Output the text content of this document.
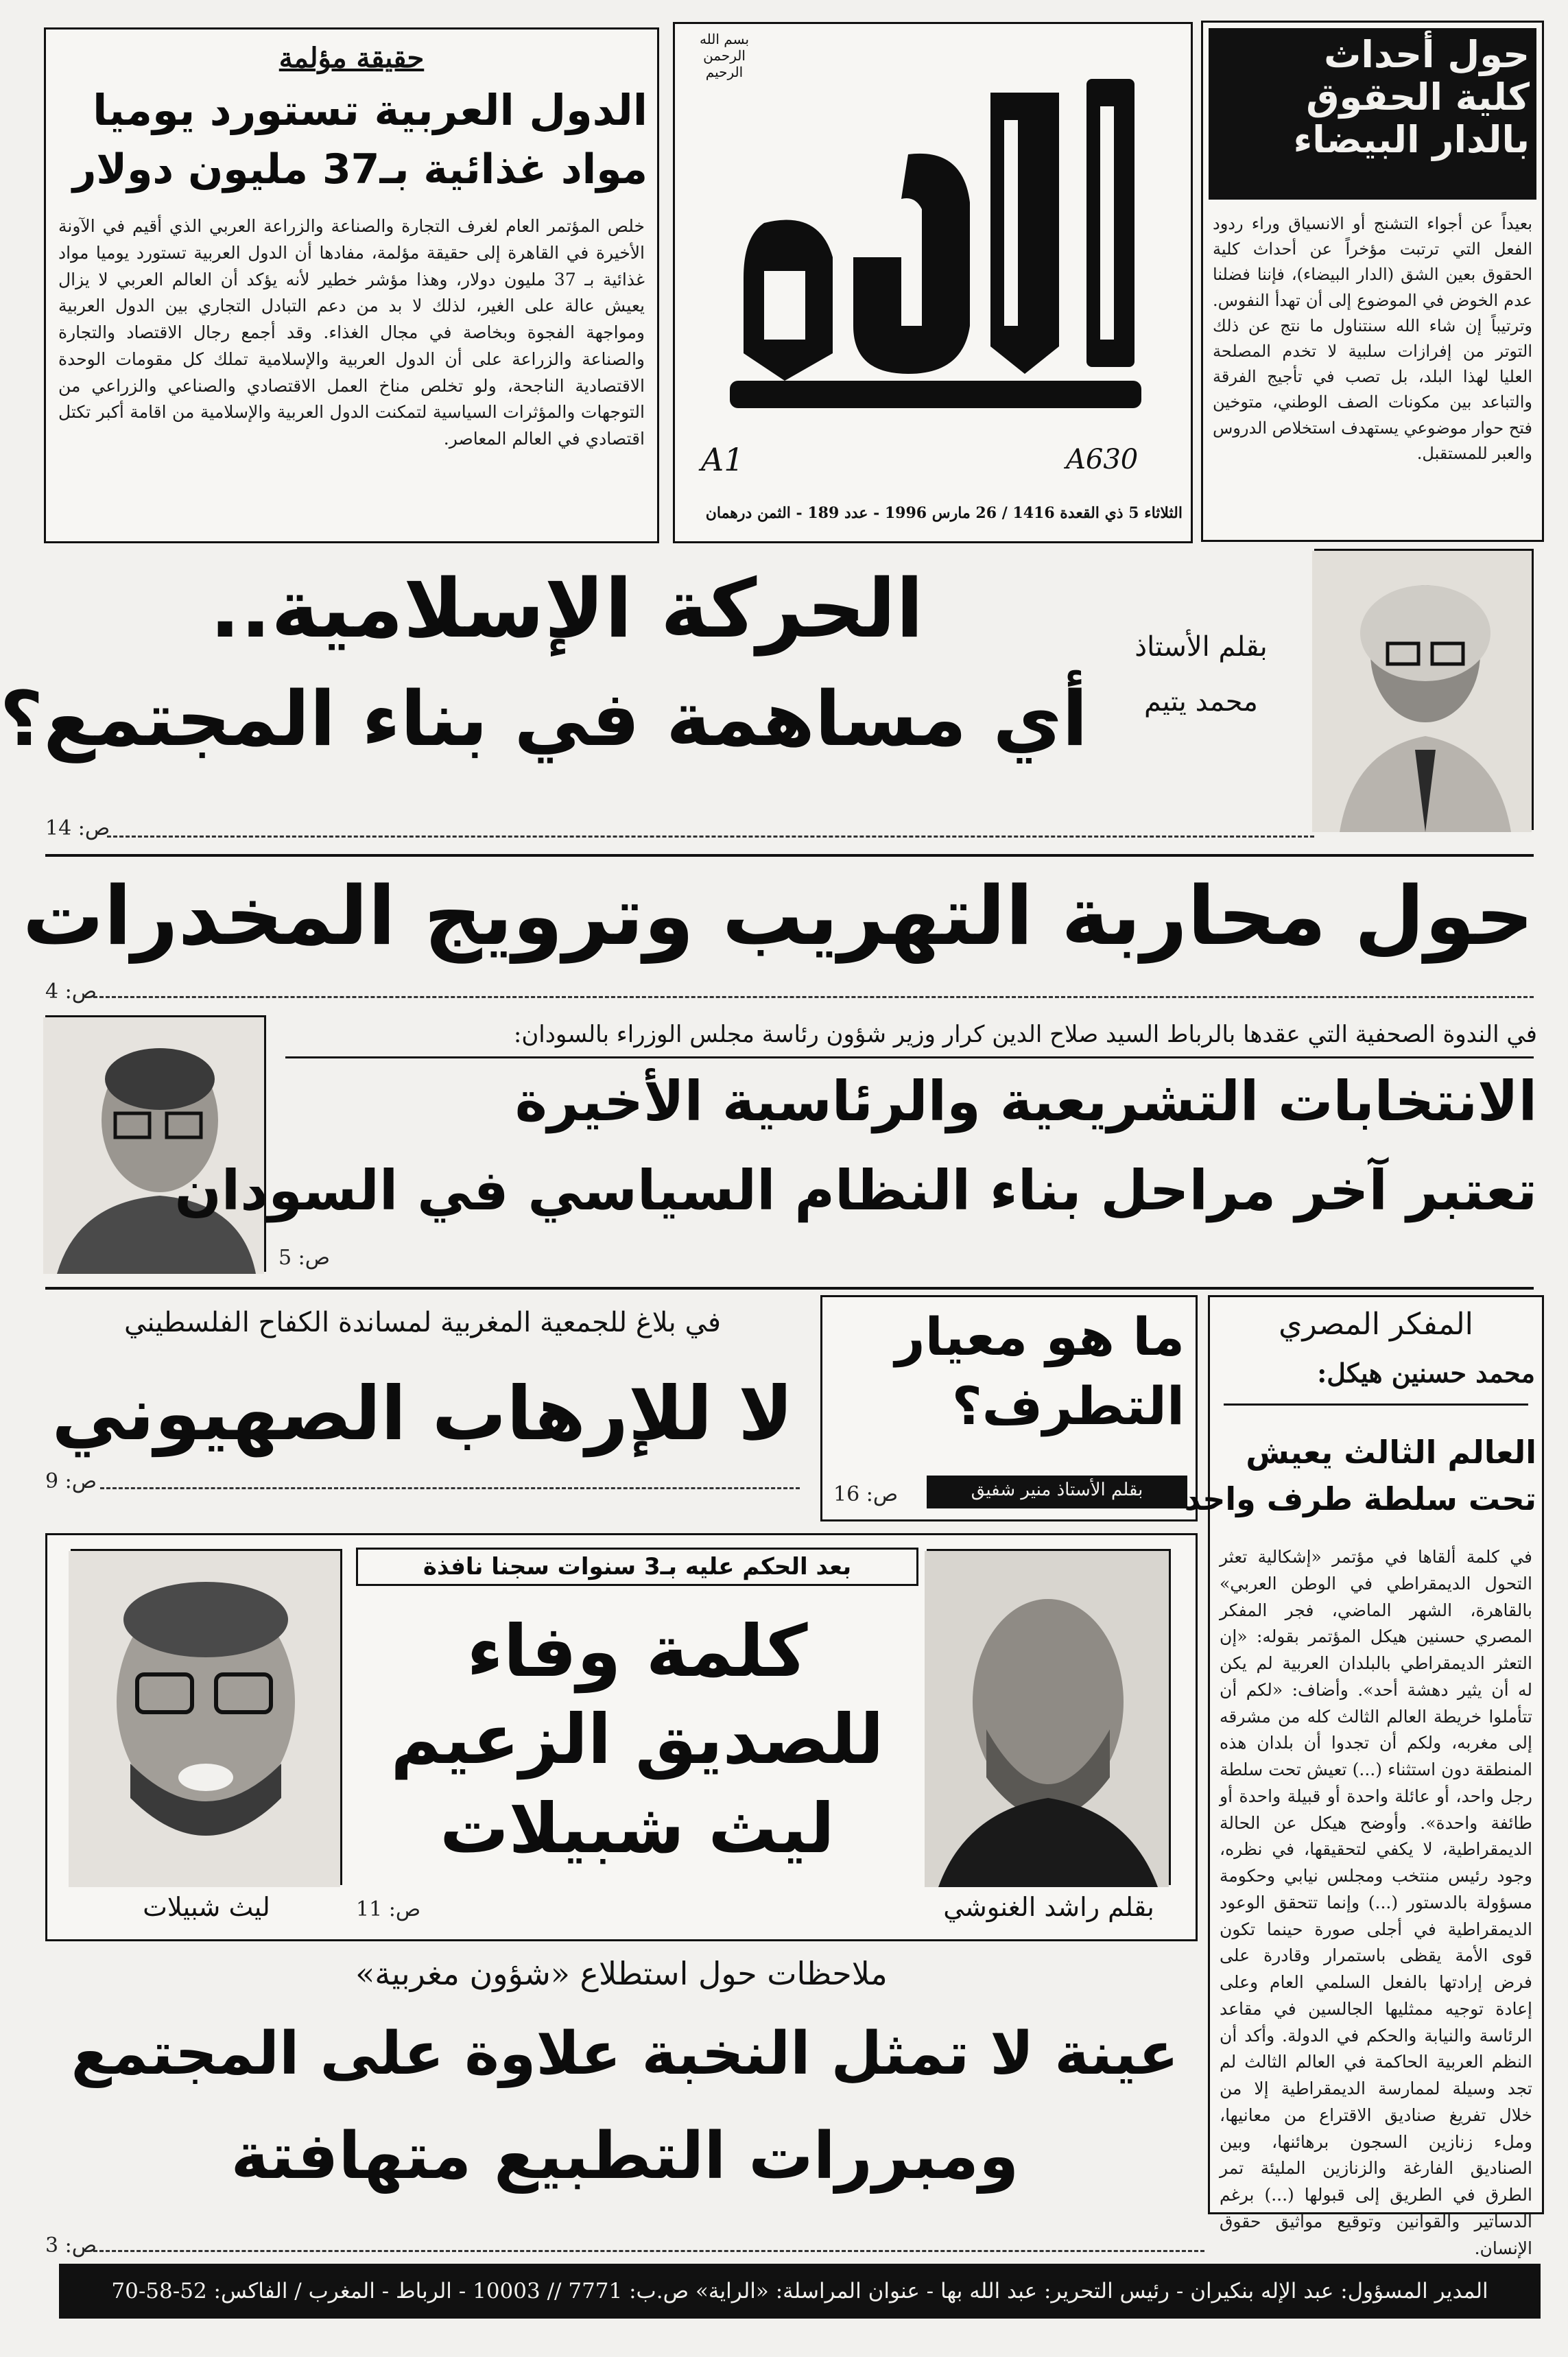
حقيقة مؤلمة
الدول العربية تستورد يوميا
مواد غذائية بـ37 مليون دولار
خلص المؤتمر العام لغرف التجارة والصناعة والزراعة العربي الذي أقيم في الآونة الأخيرة في القاهرة إلى حقيقة مؤلمة، مفادها أن الدول العربية تستورد يوميا مواد غذائية بـ 37 مليون دولار، وهذا مؤشر خطير لأنه يؤكد أن العالم العربي لا يزال يعيش عالة على الغير، لذلك لا بد من دعم التبادل التجاري بين الدول العربية ومواجهة الفجوة وبخاصة في مجال الغذاء. وقد أجمع رجال الاقتصاد والتجارة والصناعة والزراعة على أن الدول العربية والإسلامية تملك كل مقومات الوحدة الاقتصادية الناجحة، ولو تخلص مناخ العمل الاقتصادي والصناعي والزراعي من التوجهات والمؤثرات السياسية لتمكنت الدول العربية والإسلامية من اقامة أكبر تكتل اقتصادي في العالم المعاصر.
بسم الله الرحمن الرحيم
A1	A630
الثلاثاء 5 ذي القعدة 1416 / 26 مارس 1996 - عدد 189 - الثمن درهمان
حول أحداث
كلية الحقوق
بالدار البيضاء
بعيداً عن أجواء التشنج أو الانسياق وراء ردود الفعل التي ترتبت مؤخراً عن أحداث كلية الحقوق بعين الشق (الدار البيضاء)، فإننا فضلنا عدم الخوض في الموضوع إلى أن تهدأ النفوس. وترتيباً إن شاء الله سنتناول ما نتج عن ذلك التوتر من إفرازات سلبية لا تخدم المصلحة العليا لهذا البلد، بل تصب في تأجيج الفرقة والتباعد بين مكونات الصف الوطني، متوخين فتح حوار موضوعي يستهدف استخلاص الدروس والعبر للمستقبل.
بقلم الأستاذ
محمد يتيم
الحركة الإسلامية..
أي مساهمة في بناء المجتمع؟
ص: 14
حول محاربة التهريب وترويج المخدرات
ص: 4
في الندوة الصحفية التي عقدها بالرباط السيد صلاح الدين كرار وزير شؤون رئاسة مجلس الوزراء بالسودان:
الانتخابات التشريعية والرئاسية الأخيرة
تعتبر آخر مراحل بناء النظام السياسي في السودان
ص: 5
في بلاغ للجمعية المغربية لمساندة الكفاح الفلسطيني
لا للإرهاب الصهيوني
ص: 9
ما هو معيار
التطرف؟
بقلم الأستاذ منير شفيق
ص: 16
المفكر المصري
محمد حسنين هيكل:
العالم الثالث يعيش
تحت سلطة طرف واحد
في كلمة ألقاها في مؤتمر «إشكالية تعثر التحول الديمقراطي في الوطن العربي» بالقاهرة، الشهر الماضي، فجر المفكر المصري حسنين هيكل المؤتمر بقوله: «إن التعثر الديمقراطي بالبلدان العربية لم يكن له أن يثير دهشة أحد». وأضاف: «لكم أن تتأملوا خريطة العالم الثالث كله من مشرقه إلى مغربه، ولكم أن تجدوا أن بلدان هذه المنطقة دون استثناء (...) تعيش تحت سلطة رجل واحد، أو عائلة واحدة أو قبيلة واحدة أو طائفة واحدة». وأوضح هيكل عن الحالة الديمقراطية، لا يكفي لتحقيقها، في نظره، وجود رئيس منتخب ومجلس نيابي وحكومة مسؤولة بالدستور (...) وإنما تتحقق الوعود الديمقراطية في أجلى صورة حينما تكون قوى الأمة يقظى باستمرار وقادرة على فرض إرادتها بالفعل السلمي العام وعلى إعادة توجيه ممثليها الجالسين في مقاعد الرئاسة والنيابة والحكم في الدولة. وأكد أن النظم العربية الحاكمة في العالم الثالث لم تجد وسيلة لممارسة الديمقراطية إلا من خلال تفريغ صناديق الاقتراع من معانيها، وملء زنازين السجون برهائنها، وبين الصناديق الفارغة والزنازين المليئة تمر الطرق في الطريق إلى قبولها (...) برغم الدساتير والقوانين وتوقيع مواثيق حقوق الإنسان.
بعد الحكم عليه بـ3 سنوات سجنا نافذة
كلمة وفاء
للصديق الزعيم
ليث شبيلات
ليث شبيلات	بقلم راشد الغنوشي
ص: 11
ملاحظات حول استطلاع «شؤون مغربية»
عينة لا تمثل النخبة علاوة على المجتمع
ومبررات التطبيع متهافتة
ص: 3
المدير المسؤول: عبد الإله بنكيران - رئيس التحرير: عبد الله بها - عنوان المراسلة: «الراية» ص.ب: 7771 // 10003 - الرباط - المغرب / الفاكس: 52-58-70
